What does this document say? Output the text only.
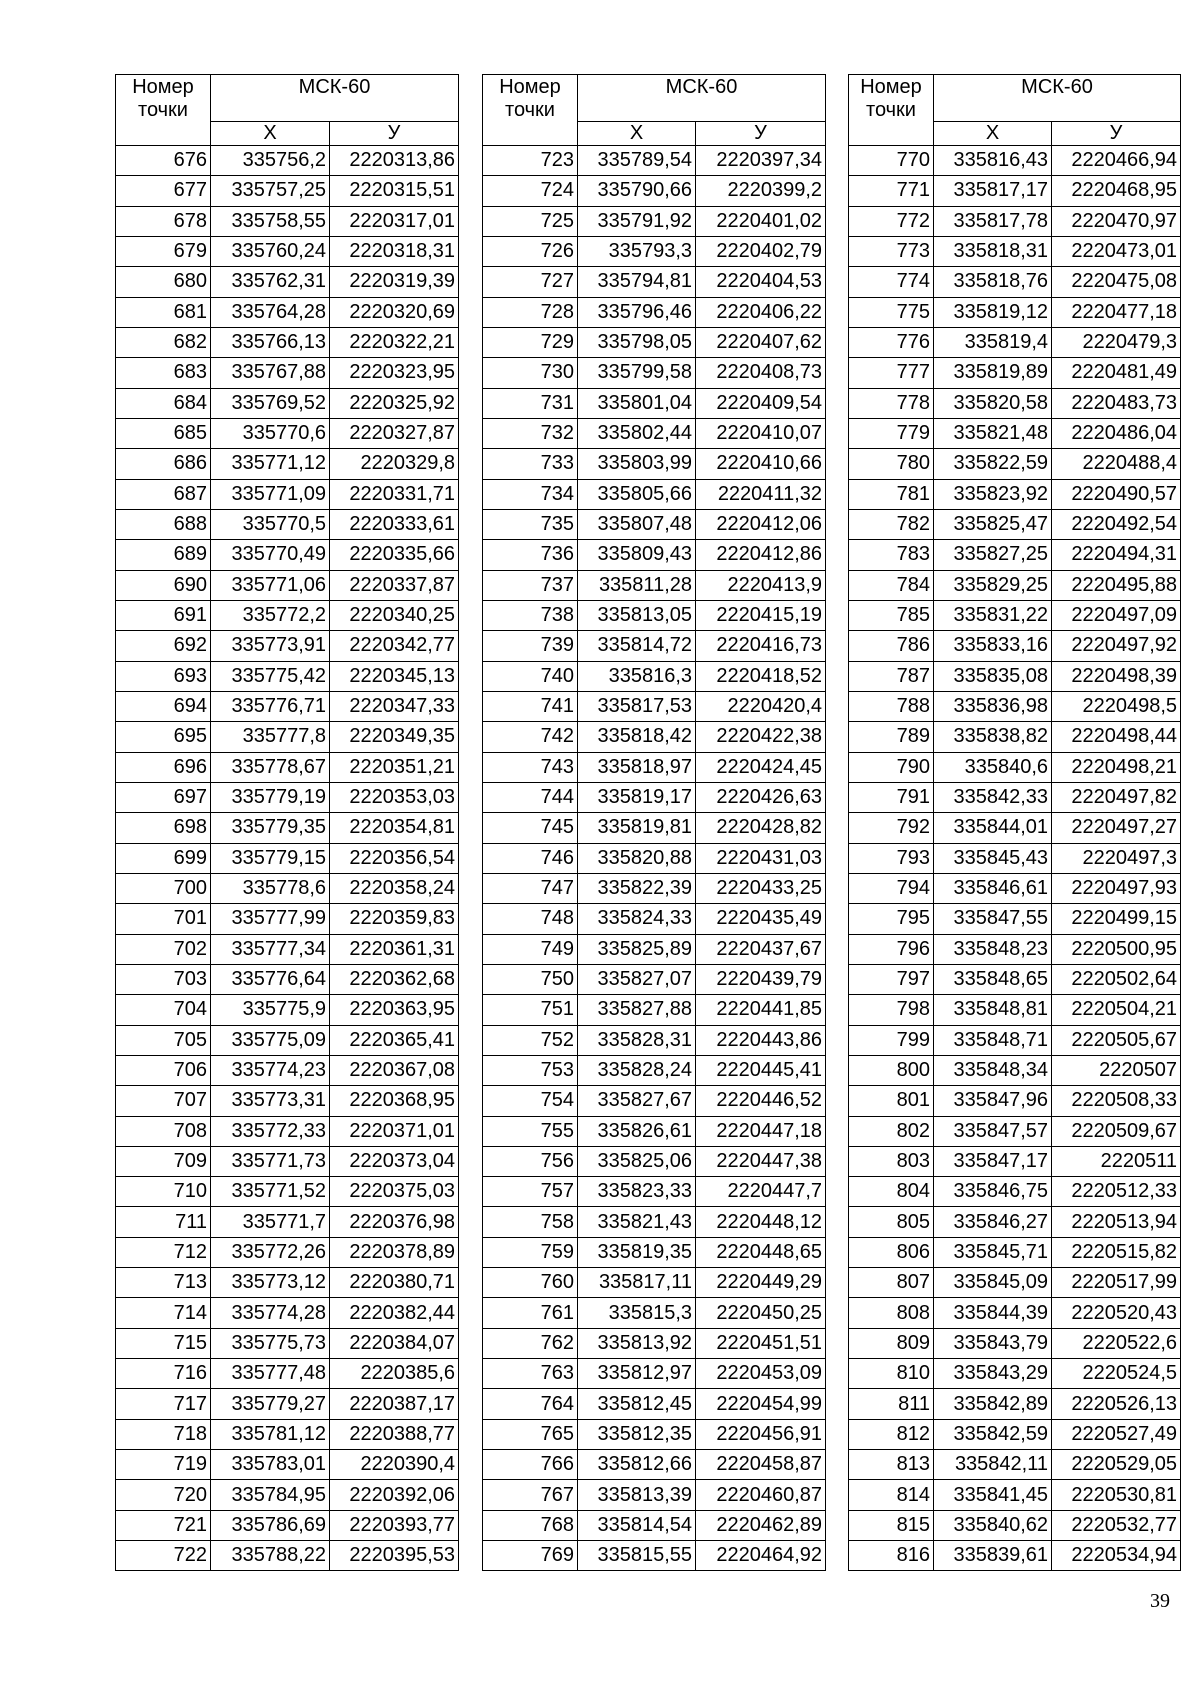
Номер
точки	МСК-60	
	Х	У
676	335756,2	2220313,86
677	335757,25	2220315,51
678	335758,55	2220317,01
679	335760,24	2220318,31
680	335762,31	2220319,39
681	335764,28	2220320,69
682	335766,13	2220322,21
683	335767,88	2220323,95
684	335769,52	2220325,92
685	335770,6	2220327,87
686	335771,12	2220329,8
687	335771,09	2220331,71
688	335770,5	2220333,61
689	335770,49	2220335,66
690	335771,06	2220337,87
691	335772,2	2220340,25
692	335773,91	2220342,77
693	335775,42	2220345,13
694	335776,71	2220347,33
695	335777,8	2220349,35
696	335778,67	2220351,21
697	335779,19	2220353,03
698	335779,35	2220354,81
699	335779,15	2220356,54
700	335778,6	2220358,24
701	335777,99	2220359,83
702	335777,34	2220361,31
703	335776,64	2220362,68
704	335775,9	2220363,95
705	335775,09	2220365,41
706	335774,23	2220367,08
707	335773,31	2220368,95
708	335772,33	2220371,01
709	335771,73	2220373,04
710	335771,52	2220375,03
711	335771,7	2220376,98
712	335772,26	2220378,89
713	335773,12	2220380,71
714	335774,28	2220382,44
715	335775,73	2220384,07
716	335777,48	2220385,6
717	335779,27	2220387,17
718	335781,12	2220388,77
719	335783,01	2220390,4
720	335784,95	2220392,06
721	335786,69	2220393,77
722	335788,22	2220395,53
Номер
точки	МСК-60	
	Х	У
723	335789,54	2220397,34
724	335790,66	2220399,2
725	335791,92	2220401,02
726	335793,3	2220402,79
727	335794,81	2220404,53
728	335796,46	2220406,22
729	335798,05	2220407,62
730	335799,58	2220408,73
731	335801,04	2220409,54
732	335802,44	2220410,07
733	335803,99	2220410,66
734	335805,66	2220411,32
735	335807,48	2220412,06
736	335809,43	2220412,86
737	335811,28	2220413,9
738	335813,05	2220415,19
739	335814,72	2220416,73
740	335816,3	2220418,52
741	335817,53	2220420,4
742	335818,42	2220422,38
743	335818,97	2220424,45
744	335819,17	2220426,63
745	335819,81	2220428,82
746	335820,88	2220431,03
747	335822,39	2220433,25
748	335824,33	2220435,49
749	335825,89	2220437,67
750	335827,07	2220439,79
751	335827,88	2220441,85
752	335828,31	2220443,86
753	335828,24	2220445,41
754	335827,67	2220446,52
755	335826,61	2220447,18
756	335825,06	2220447,38
757	335823,33	2220447,7
758	335821,43	2220448,12
759	335819,35	2220448,65
760	335817,11	2220449,29
761	335815,3	2220450,25
762	335813,92	2220451,51
763	335812,97	2220453,09
764	335812,45	2220454,99
765	335812,35	2220456,91
766	335812,66	2220458,87
767	335813,39	2220460,87
768	335814,54	2220462,89
769	335815,55	2220464,92
Номер
точки	МСК-60	
	Х	У
770	335816,43	2220466,94
771	335817,17	2220468,95
772	335817,78	2220470,97
773	335818,31	2220473,01
774	335818,76	2220475,08
775	335819,12	2220477,18
776	335819,4	2220479,3
777	335819,89	2220481,49
778	335820,58	2220483,73
779	335821,48	2220486,04
780	335822,59	2220488,4
781	335823,92	2220490,57
782	335825,47	2220492,54
783	335827,25	2220494,31
784	335829,25	2220495,88
785	335831,22	2220497,09
786	335833,16	2220497,92
787	335835,08	2220498,39
788	335836,98	2220498,5
789	335838,82	2220498,44
790	335840,6	2220498,21
791	335842,33	2220497,82
792	335844,01	2220497,27
793	335845,43	2220497,3
794	335846,61	2220497,93
795	335847,55	2220499,15
796	335848,23	2220500,95
797	335848,65	2220502,64
798	335848,81	2220504,21
799	335848,71	2220505,67
800	335848,34	2220507
801	335847,96	2220508,33
802	335847,57	2220509,67
803	335847,17	2220511
804	335846,75	2220512,33
805	335846,27	2220513,94
806	335845,71	2220515,82
807	335845,09	2220517,99
808	335844,39	2220520,43
809	335843,79	2220522,6
810	335843,29	2220524,5
811	335842,89	2220526,13
812	335842,59	2220527,49
813	335842,11	2220529,05
814	335841,45	2220530,81
815	335840,62	2220532,77
816	335839,61	2220534,94
39
